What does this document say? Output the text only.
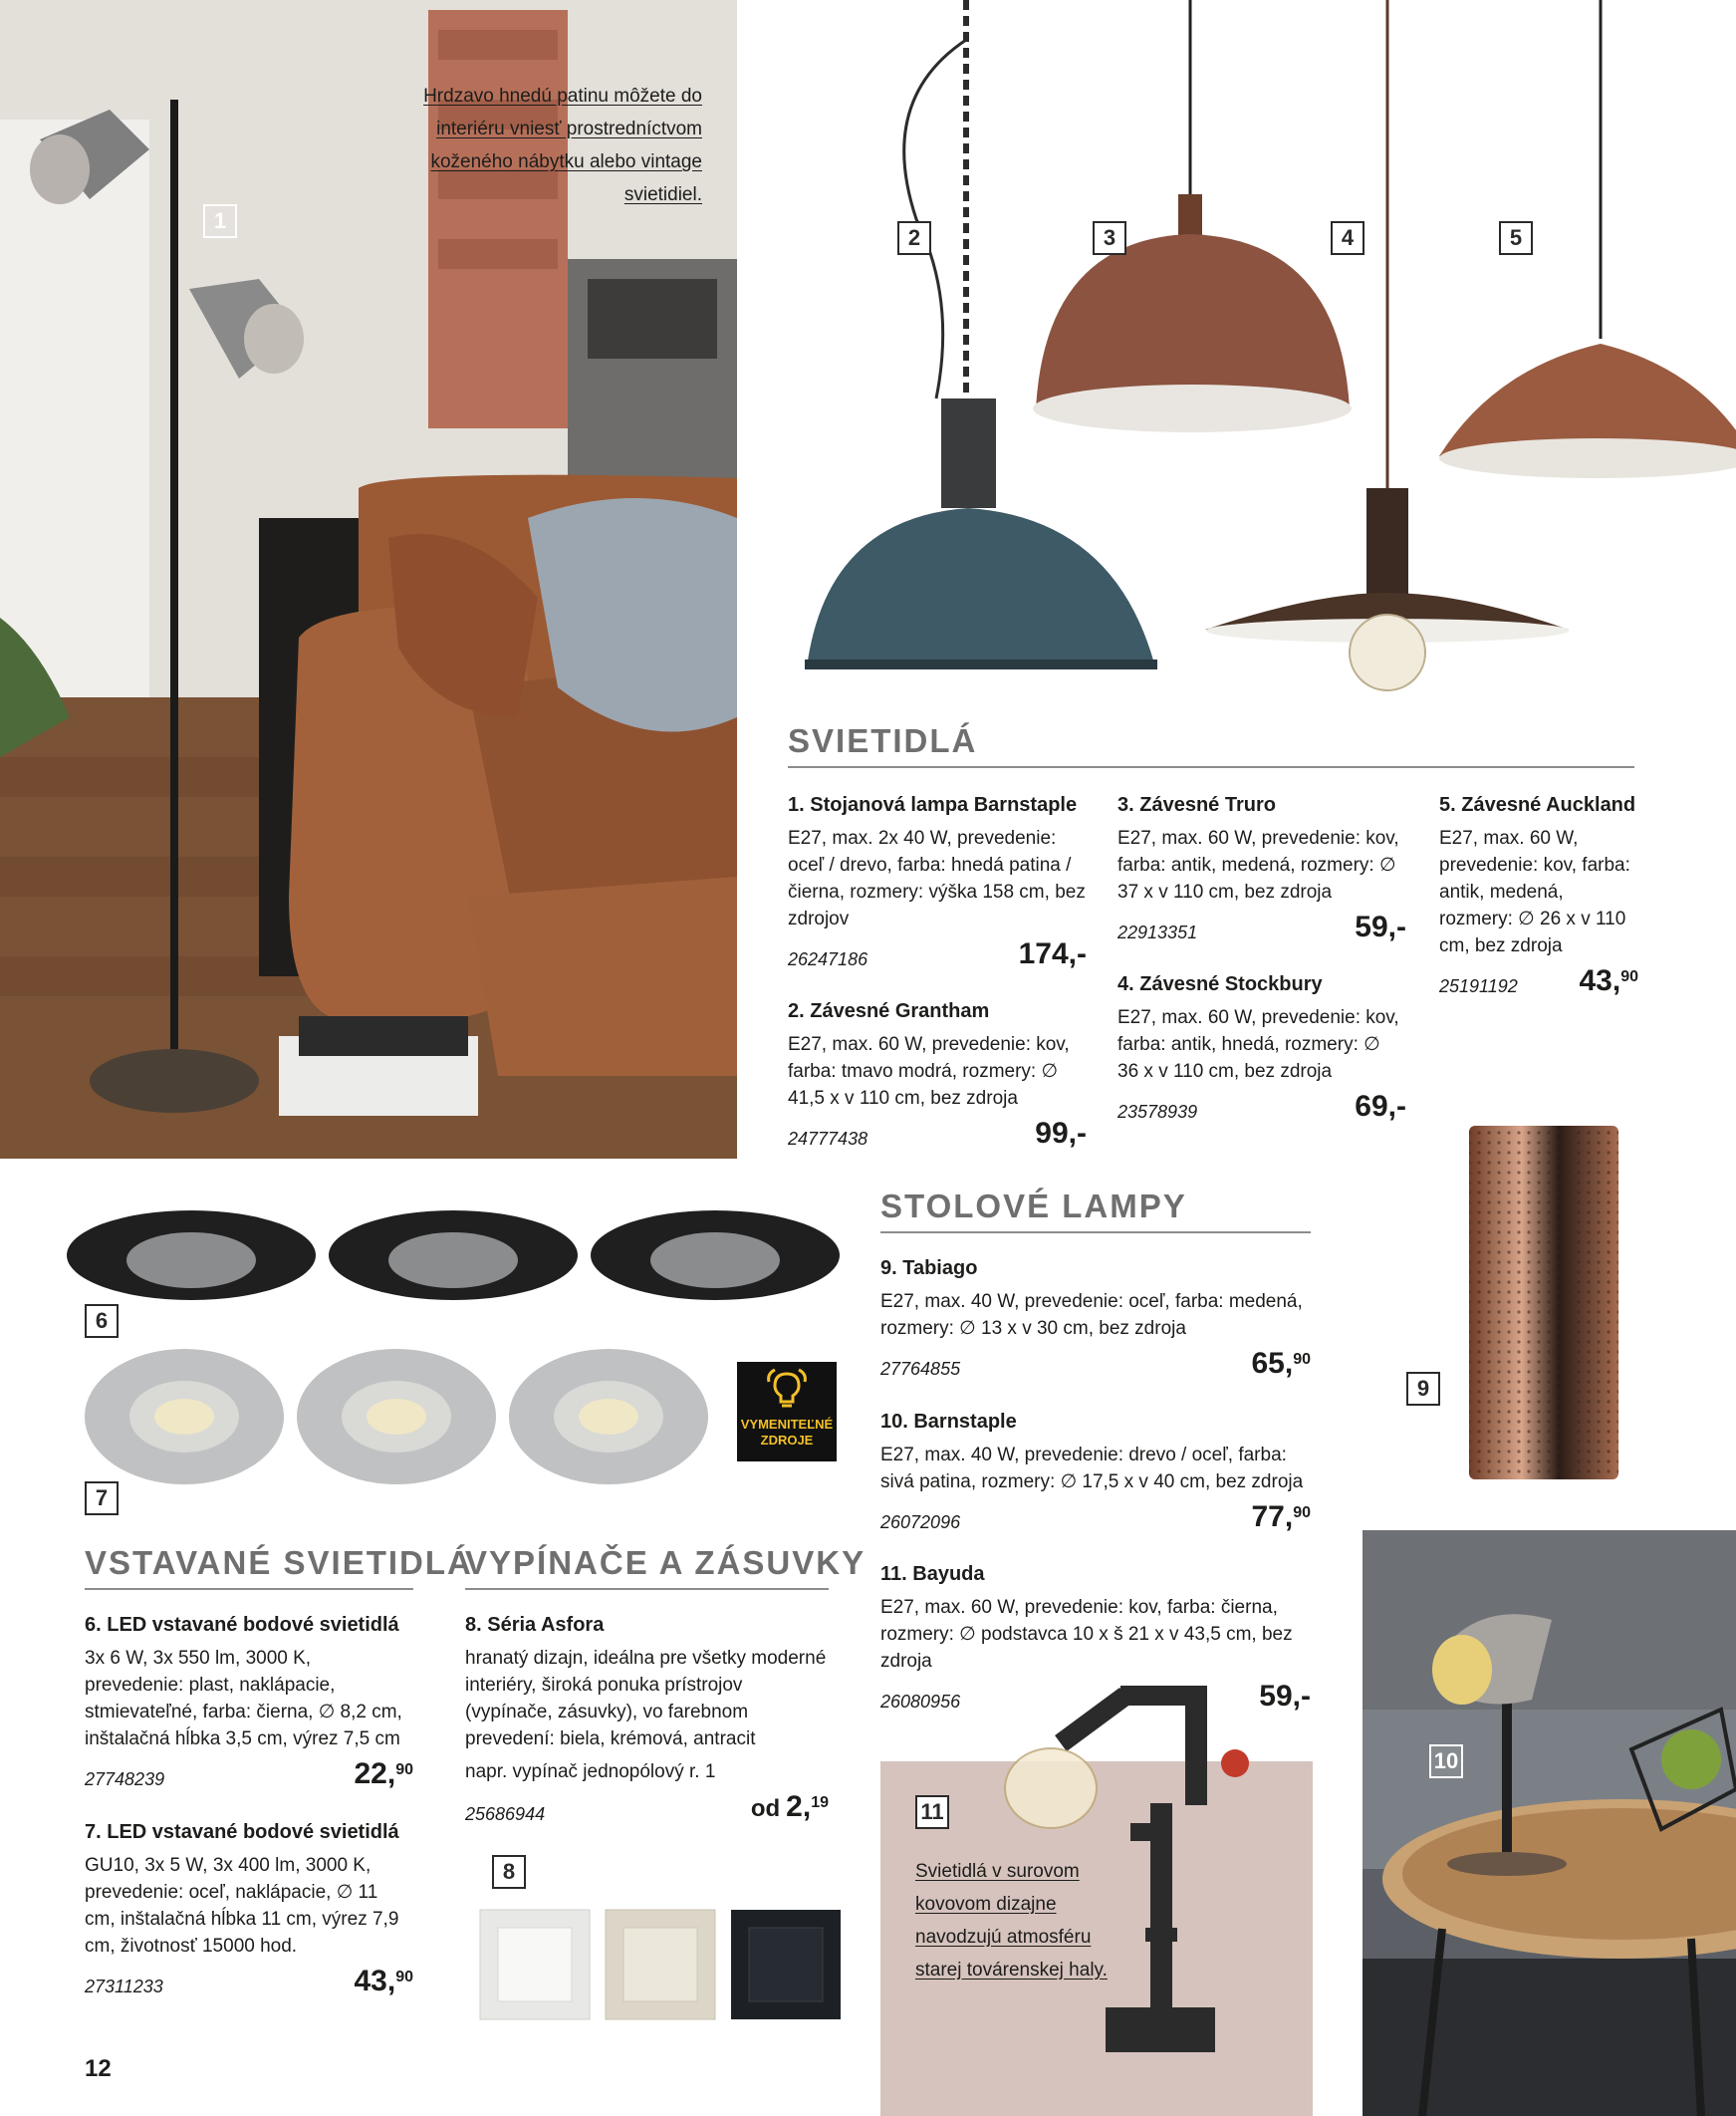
Hrdzavo hnedú patinu môžete do interiéru vniesť prostredníctvom koženého nábytku alebo vintage svietidiel.
1
2	3	4	5
SVIETIDLÁ
1. Stojanová lampa Barnstaple

E27, max. 2x 40 W, prevedenie: oceľ / drevo, farba: hnedá patina / čierna, rozmery: výška 158 cm, bez zdrojov

26247186	174,-
2. Závesné Grantham

E27, max. 60 W, prevedenie: kov, farba: tmavo modrá, rozmery: ∅ 41,5 x v 110 cm, bez zdroja

24777438	99,-
3. Závesné Truro

E27, max. 60 W, prevedenie: kov, farba: antik, medená, rozmery: ∅ 37 x v 110 cm, bez zdroja

22913351	59,-
4. Závesné Stockbury

E27, max. 60 W, prevedenie: kov, farba: antik, hnedá, rozmery: ∅ 36 x v 110 cm, bez zdroja

23578939	69,-
5. Závesné Auckland

E27, max. 60 W, prevedenie: kov, farba: antik, medená, rozmery: ∅ 26 x v 110 cm, bez zdroja

25191192 43,90
6
7
VYMENITEĽNÉ
ZDROJE
VSTAVANÉ SVIETIDLÁ
6. LED vstavané bodové svietidlá

3x 6 W, 3x 550 lm, 3000 K, prevedenie: plast, naklápacie, stmievateľné, farba: čierna, ∅ 8,2 cm, inštalačná hĺbka 3,5 cm, výrez 7,5 cm

27748239	22,90
7. LED vstavané bodové svietidlá

GU10, 3x 5 W, 3x 400 lm, 3000 K, prevedenie: oceľ, naklápacie, ∅ 11 cm, inštalačná hĺbka 11 cm, výrez 7,9 cm, životnosť 15000 hod.

27311233	43,90
VYPÍNAČE A ZÁSUVKY
8. Séria Asfora

hranatý dizajn, ideálna pre všetky moderné interiéry, široká ponuka prístrojov (vypínače, zásuvky), vo farebnom prevedení: biela, krémová, antracit

napr. vypínač jednopólový r. 1

25686944	od 2,19
8
STOLOVÉ LAMPY
9. Tabiago

E27, max. 40 W, prevedenie: oceľ, farba: medená, rozmery: ∅ 13 x v 30 cm, bez zdroja

27764855	65,90
10. Barnstaple

E27, max. 40 W, prevedenie: drevo / oceľ, farba: sivá patina, rozmery: ∅ 17,5 x v 40 cm, bez zdroja

26072096	77,90
11. Bayuda

E27, max. 60 W, prevedenie: kov, farba: čierna, rozmery: ∅ podstavca 10 x š 21 x v 43,5 cm, bez zdroja

26080956	59,-
9
10
Svietidlá v surovom kovovom dizajne navodzujú atmosféru starej továrenskej haly.
11
12
